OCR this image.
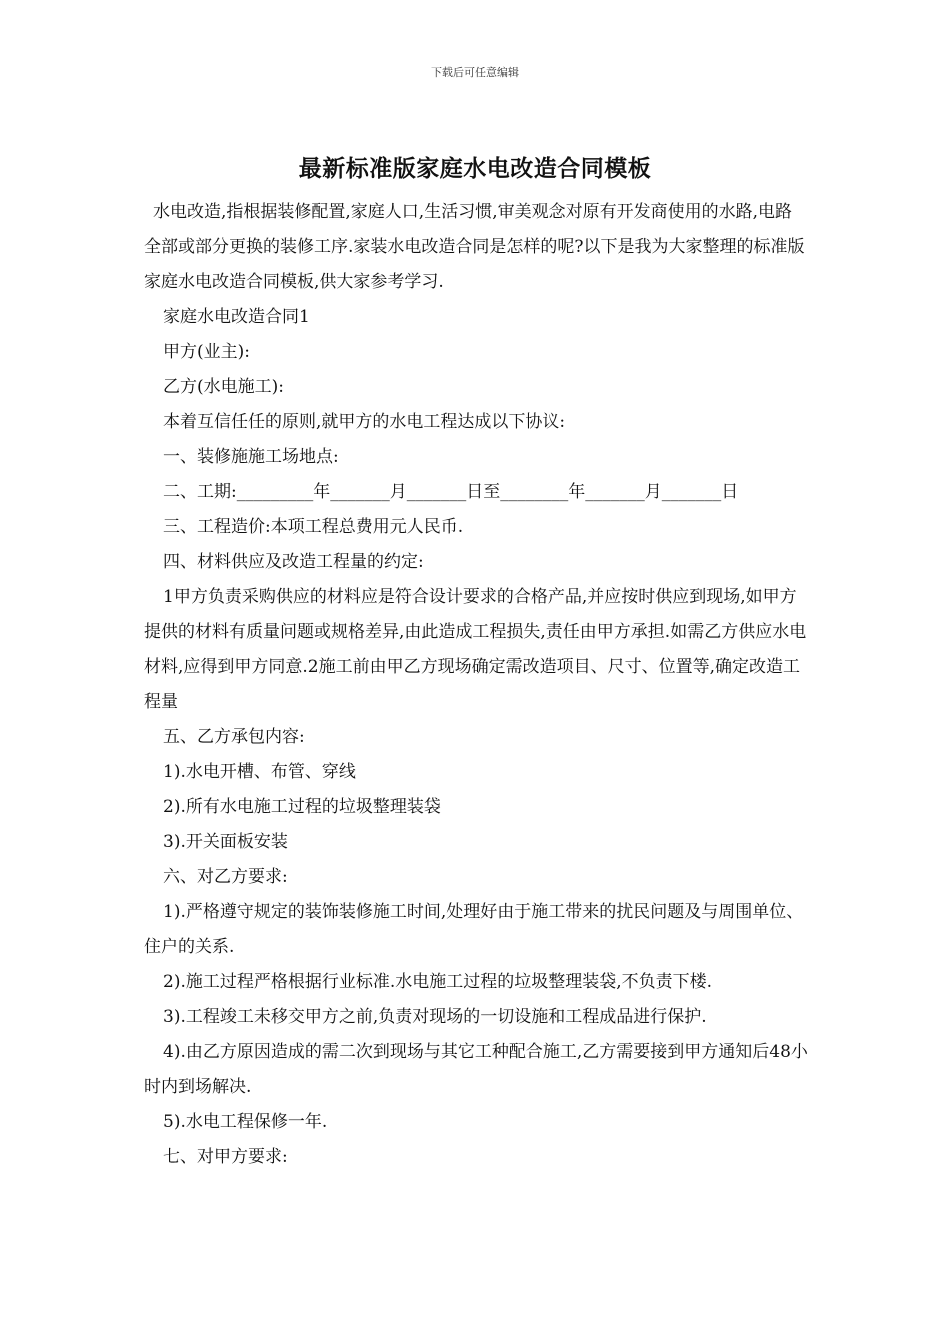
下载后可任意编辑
最新标准版家庭水电改造合同模板

水电改造,指根据装修配置,家庭人口,生活习惯,审美观念对原有开发商使用的水路,电路全部或部分更换的装修工序.家装水电改造合同是怎样的呢?以下是我为大家整理的标准版家庭水电改造合同模板,供大家参考学习.

家庭水电改造合同1

甲方(业主):

乙方(水电施工):

本着互信任任的原则,就甲方的水电工程达成以下协议:

一、装修施施工场地点:

二、工期:_________年_______月_______日至________年_______月_______日

三、工程造价:本项工程总费用元人民币.

四、材料供应及改造工程量的约定:

1甲方负责采购供应的材料应是符合设计要求的合格产品,并应按时供应到现场,如甲方提供的材料有质量问题或规格差异,由此造成工程损失,责任由甲方承担.如需乙方供应水电材料,应得到甲方同意.2施工前由甲乙方现场确定需改造项目、尺寸、位置等,确定改造工程量

五、乙方承包内容:

1).水电开槽、布管、穿线

2).所有水电施工过程的垃圾整理装袋

3).开关面板安装

六、对乙方要求:

1).严格遵守规定的装饰装修施工时间,处理好由于施工带来的扰民问题及与周围单位、住户的关系.

2).施工过程严格根据行业标准.水电施工过程的垃圾整理装袋,不负责下楼.

3).工程竣工未移交甲方之前,负责对现场的一切设施和工程成品进行保护.

4).由乙方原因造成的需二次到现场与其它工种配合施工,乙方需要接到甲方通知后48小时内到场解决.

5).水电工程保修一年.

七、对甲方要求:
